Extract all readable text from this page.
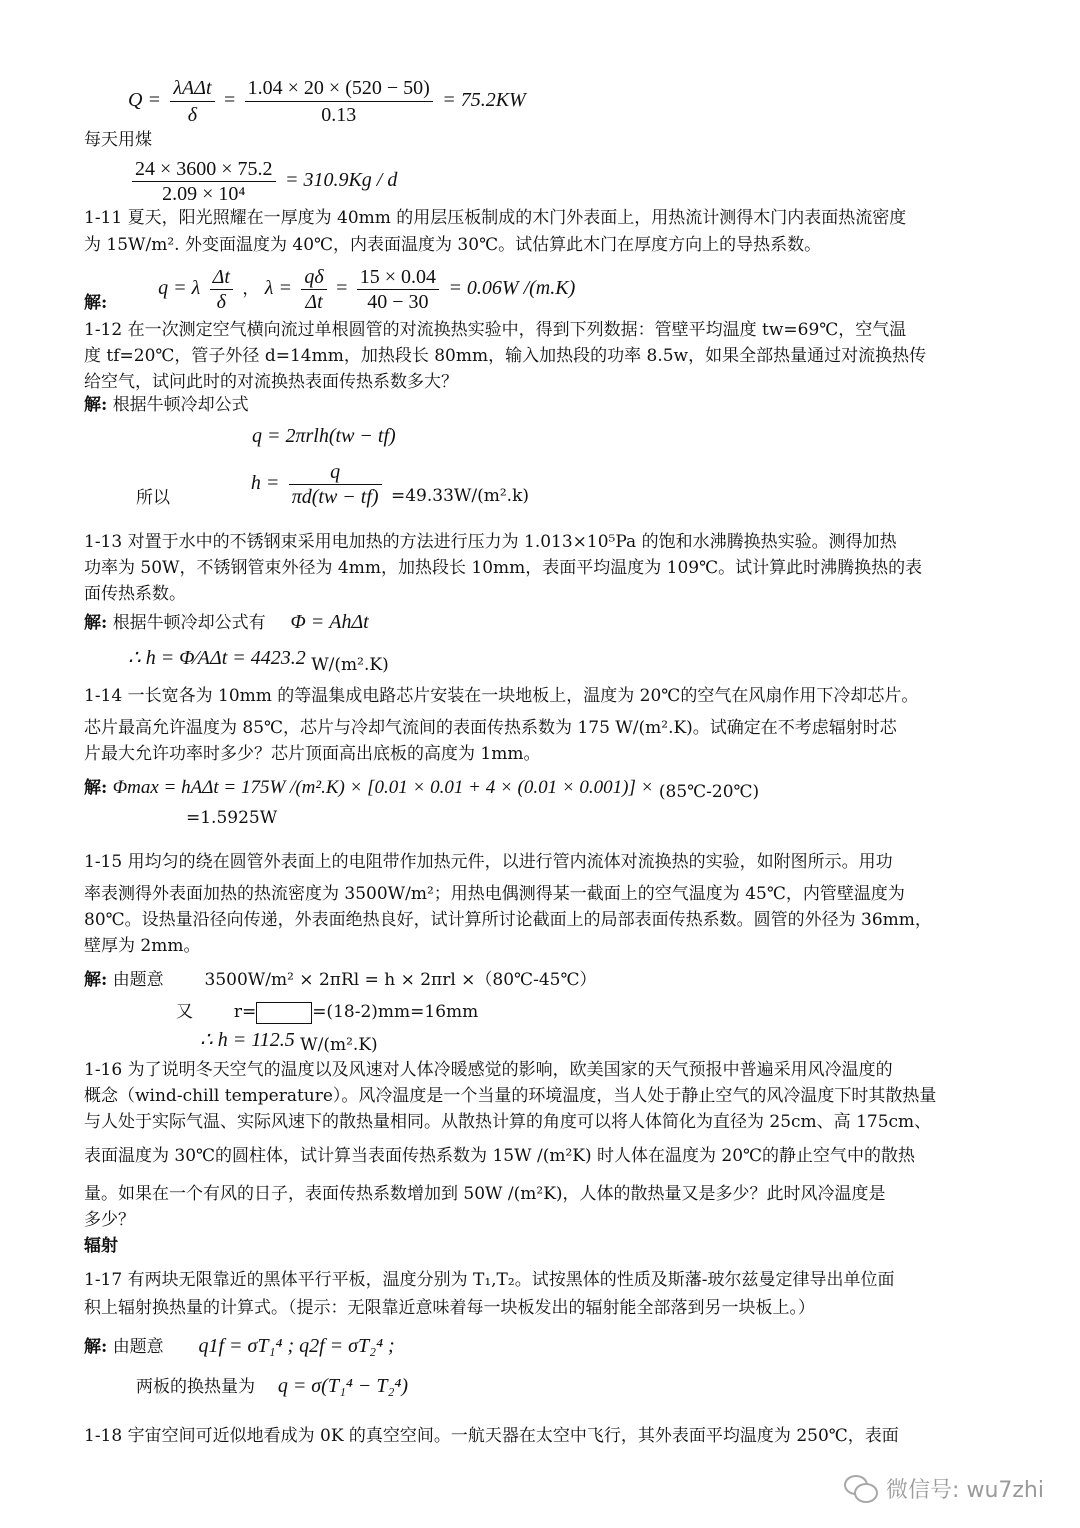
$Q = \frac{\text{λAΔt}}{\delta} = \frac{1.04 \times 20 \times (520 - 50)}{0.13} = 75.2KW$
每天用煤
$\frac{24 \times 3600 \times 75.2}{\text{2.09 × 10⁴}} = 310.9Kg / d$
1-11 夏天，阳光照耀在一厚度为 40mm 的用层压板制成的木门外表面上，用热流计测得木门内表面热流密度
为 15W/m². 外变面温度为 40℃，内表面温度为 30℃。试估算此木门在厚度方向上的导热系数。
解:  q = λ $\frac{\Delta t}{\delta}$ ， $\lambda = \frac{q\delta}{\Delta t} = \frac{15 \times 0.04}{40 - 30} = 0.06W$ /(m.K)
1-12 在一次测定空气横向流过单根圆管的对流换热实验中，得到下列数据：管壁平均温度 tw=69℃，空气温
度 tf=20℃，管子外径 d=14mm，加热段长 80mm，输入加热段的功率 8.5w，如果全部热量通过对流换热传
给空气，试问此时的对流换热表面传热系数多大？
解: 根据牛顿冷却公式
q = 2πrlh(tw − tf)
所以  $h = \frac{q}{\pi d(tw - tf)} =49.33W/(m^2.k)$
1-13 对置于水中的不锈钢束采用电加热的方法进行压力为 1.013×10⁵Pa 的饱和水沸腾换热实验。测得加热
功率为 50W，不锈钢管束外径为 4mm，加热段长 10mm，表面平均温度为 109℃。试计算此时沸腾换热的表
面传热系数。
解: 根据牛顿冷却公式有 Φ = AhΔt
∴ h = Φ⁄AΔt = 4423.2 W/(m².K)
1-14 一长宽各为 10mm 的等温集成电路芯片安装在一块地板上，温度为 20℃的空气在风扇作用下冷却芯片。
芯片最高允许温度为 85℃，芯片与冷却气流间的表面传热系数为 175 W/(m².K)。试确定在不考虑辐射时芯
片最大允许功率时多少？芯片顶面高出底板的高度为 1mm。
解: Φmax = hAΔt = 175W /(m².K) × [0.01 × 0.01 + 4 × (0.01 × 0.001)] × (85℃-20℃)
=1.5925W
1-15 用均匀的绕在圆管外表面上的电阻带作加热元件，以进行管内流体对流换热的实验，如附图所示。用功
率表测得外表面加热的热流密度为 3500W/m²；用热电偶测得某一截面上的空气温度为 45℃，内管壁温度为
80℃。设热量沿径向传递，外表面绝热良好，试计算所讨论截面上的局部表面传热系数。圆管的外径为 36mm，
壁厚为 2mm。
解: 由题意 3500W/m² × 2πRl = h × 2πrl ×（80℃-45℃）
又 r=	=(18-2)mm=16mm
∴ h = 112.5 W/(m².K)
1-16 为了说明冬天空气的温度以及风速对人体冷暖感觉的影响，欧美国家的天气预报中普遍采用风冷温度的
概念（wind-chill temperature）。风冷温度是一个当量的环境温度，当人处于静止空气的风冷温度下时其散热量
与人处于实际气温、实际风速下的散热量相同。从散热计算的角度可以将人体简化为直径为 25cm、高 175cm、
表面温度为 30℃的圆柱体，试计算当表面传热系数为 15W /(m²K) 时人体在温度为 20℃的静止空气中的散热
量。如果在一个有风的日子，表面传热系数增加到 50W /(m²K)，人体的散热量又是多少？此时风冷温度是
多少？
辐射
1-17 有两块无限靠近的黑体平行平板，温度分别为 T₁,T₂。试按黑体的性质及斯藩-玻尔兹曼定律导出单位面
积上辐射换热量的计算式。（提示：无限靠近意味着每一块板发出的辐射能全部落到另一块板上。）
解: 由题意 q1f = σT₁⁴ ; q2f = σT₂⁴ ;
两板的换热量为 q = σ(T₁⁴ − T₂⁴)
1-18 宇宙空间可近似地看成为 0K 的真空空间。一航天器在太空中飞行，其外表面平均温度为 250℃，表面
微信号: wu7zhi
